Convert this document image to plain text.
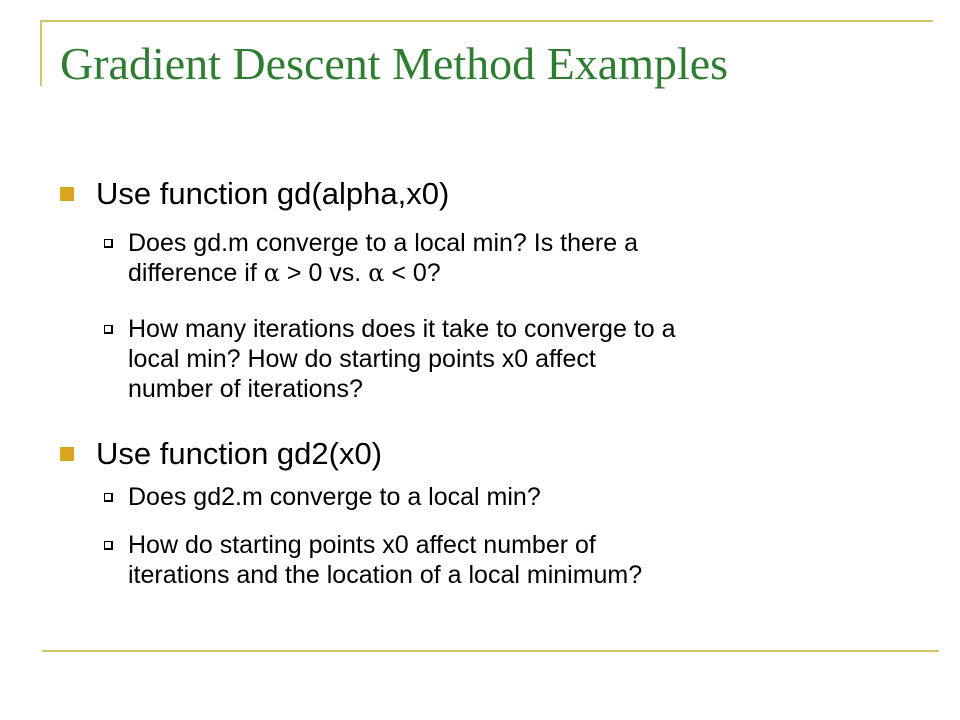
Gradient Descent Method Examples
Use function gd(alpha,x0)
Does gd.m converge to a local min? Is there a
difference if α > 0 vs. α < 0?
How many iterations does it take to converge to a
local min? How do starting points x0 affect
number of iterations?
Use function gd2(x0)
Does gd2.m converge to a local min?
How do starting points x0 affect number of
iterations and the location of a local minimum?
